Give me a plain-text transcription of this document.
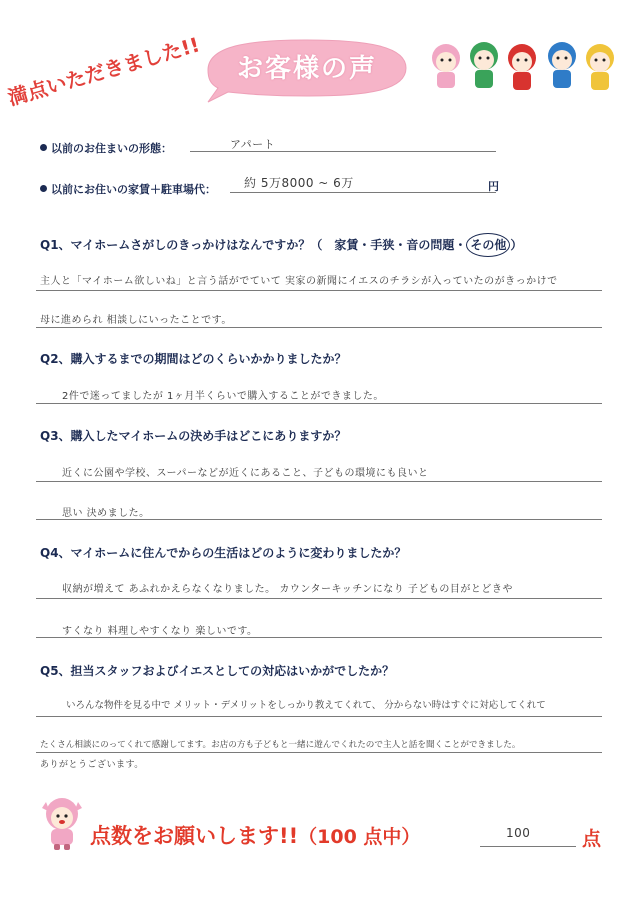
満点いただきました!!	お客様の声
以前のお住まいの形態：	アパート
以前にお住いの家賃＋駐車場代： 約 5万8000 ~ 6万	円
Q1、マイホームさがしのきっかけはなんですか？（　家賃・手狭・音の問題・ その他 ）
主人と「マイホーム欲しいね」と言う話がでていて 実家の新聞にイエスのチラシが入っていたのがきっかけで
母に進められ 相談しにいったことです。
Q2、購入するまでの期間はどのくらいかかりましたか？
2件で迷ってましたが 1ヶ月半くらいで購入することができました。
Q3、購入したマイホームの決め手はどこにありますか？
近くに公園や学校、スーパーなどが近くにあること、子どもの環境にも良いと
思い 決めました。
Q4、マイホームに住んでからの生活はどのように変わりましたか？
収納が増えて あふれかえらなくなりました。 カウンターキッチンになり 子どもの目がとどきや
すくなり 料理しやすくなり 楽しいです。
Q5、担当スタッフおよびイエスとしての対応はいかがでしたか？
いろんな物件を見る中で メリット・デメリットをしっかり教えてくれて、 分からない時はすぐに対応してくれて
たくさん相談にのってくれて感謝してます。お店の方も子どもと一緒に遊んでくれたので主人と話を聞くことができました。
ありがとうございます。
点数をお願いします!!（100 点中）	100	点
